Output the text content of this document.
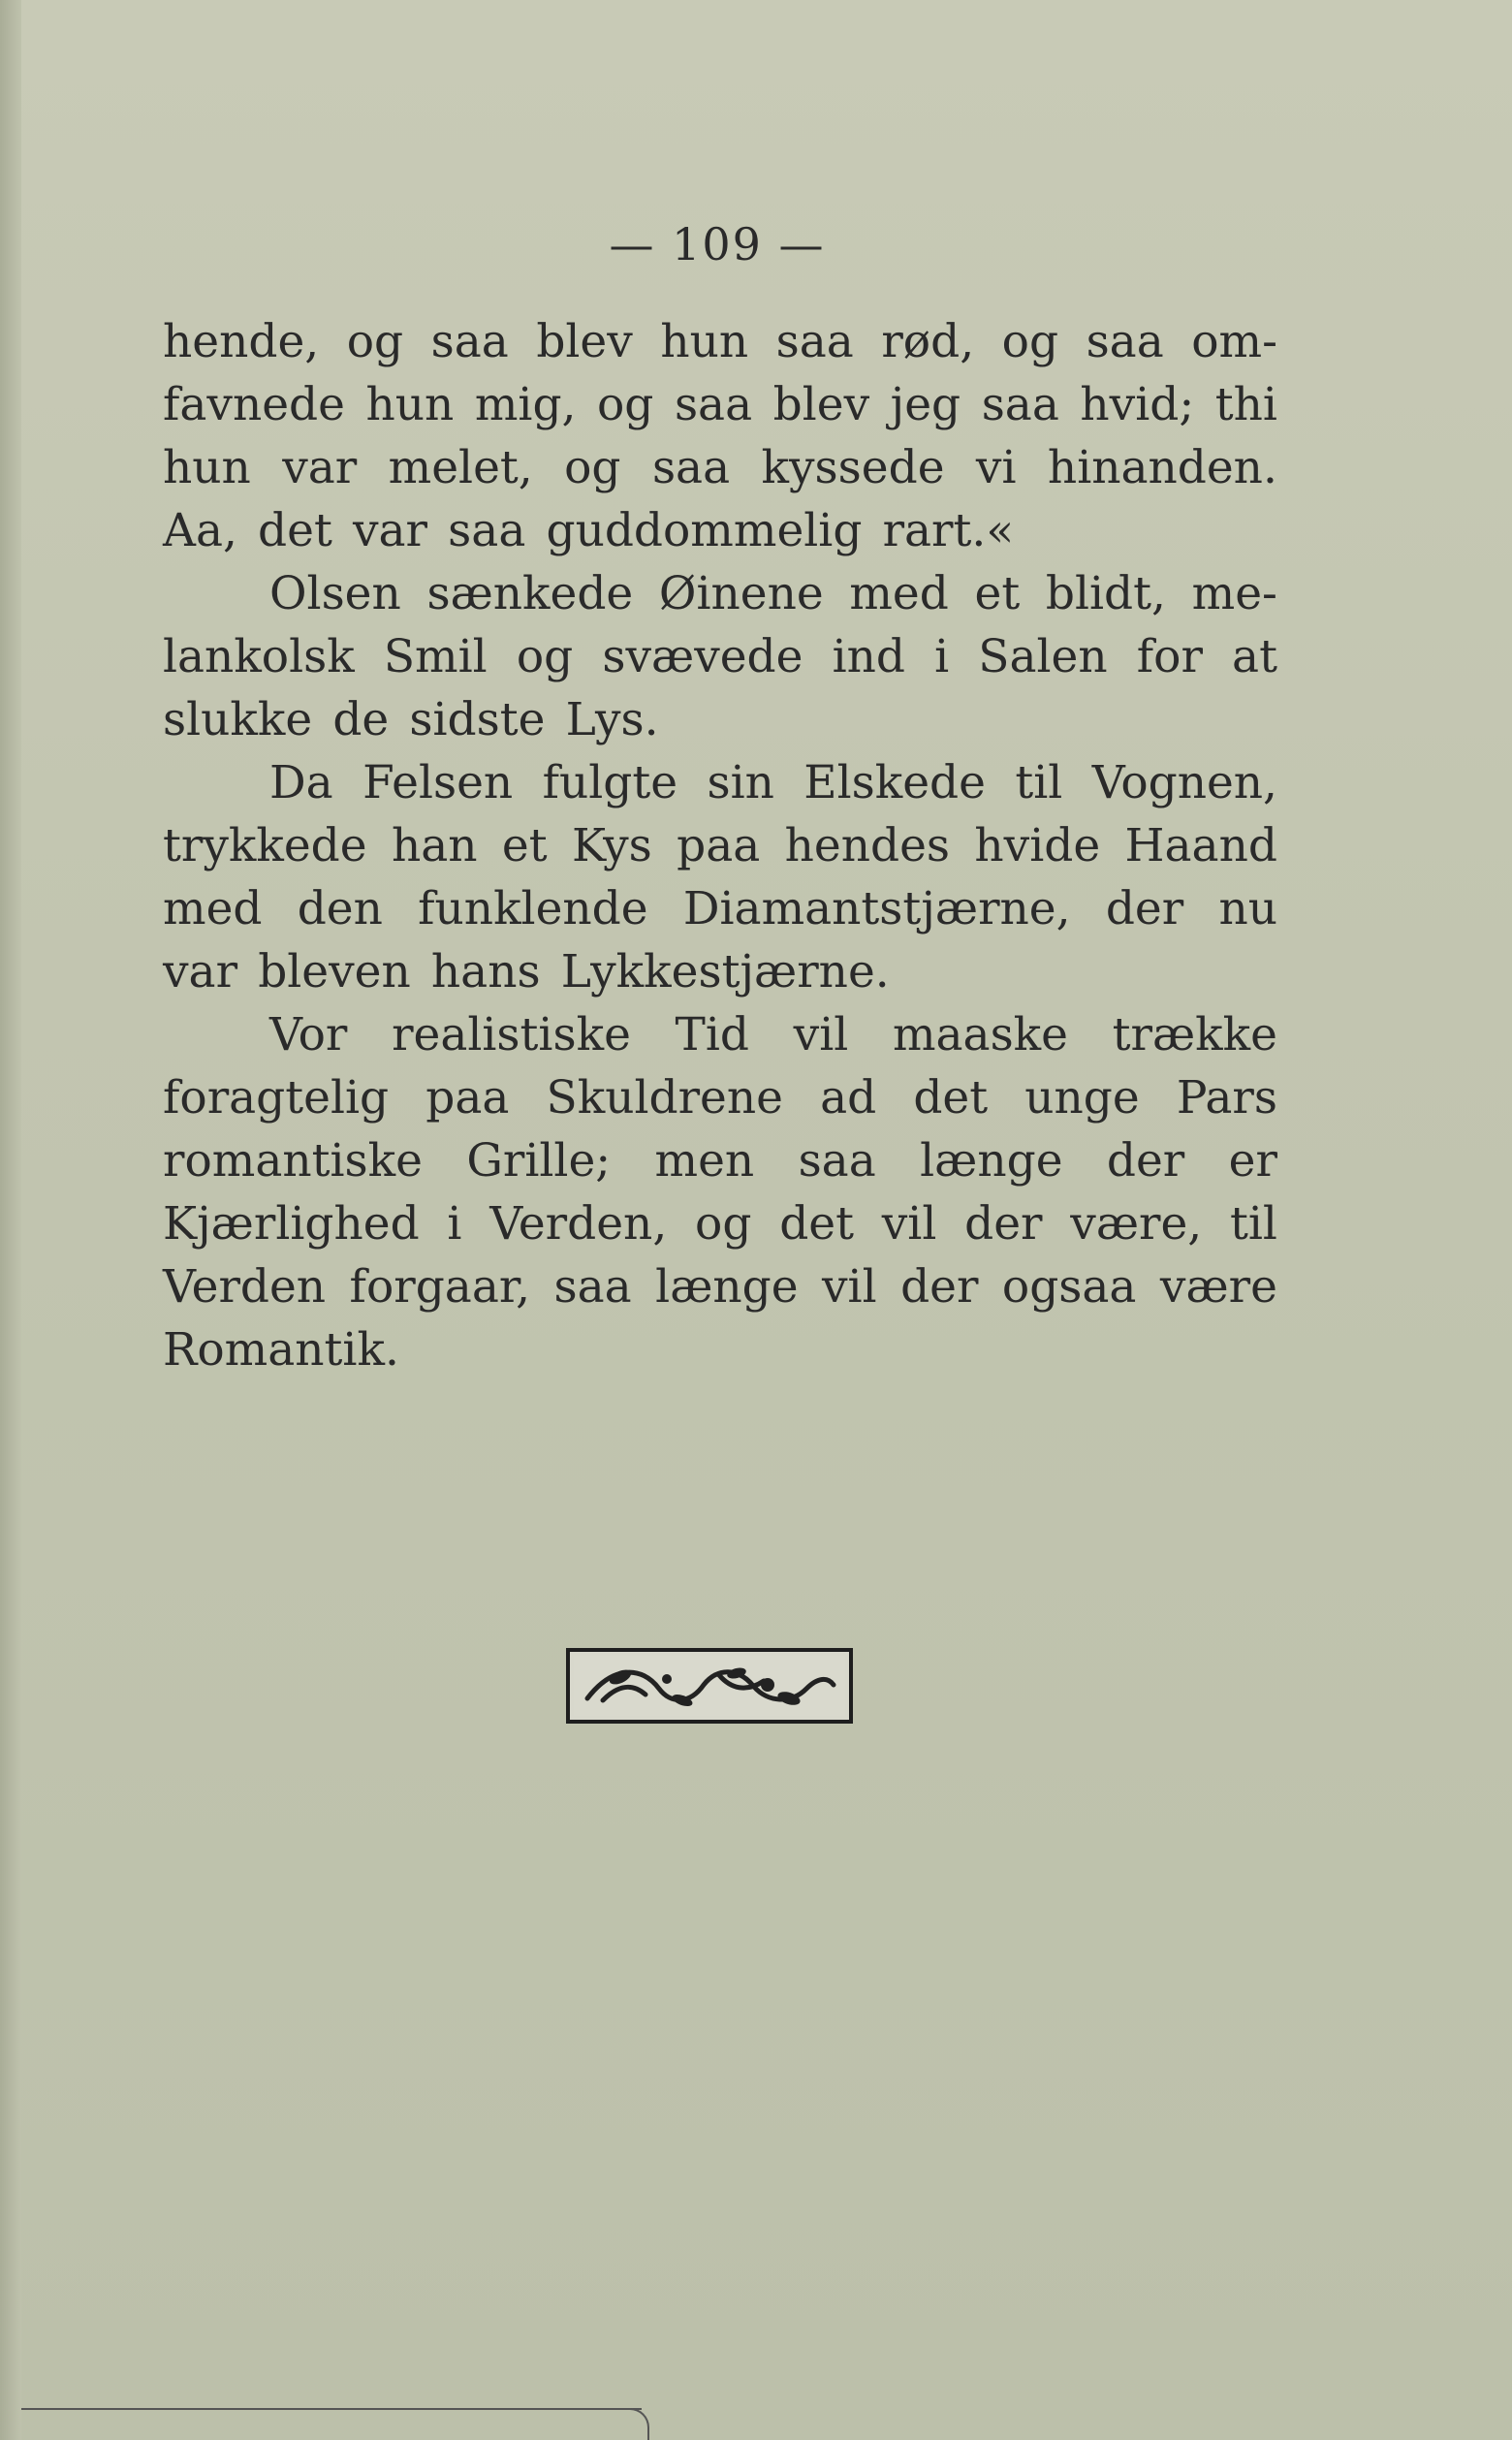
— 109 —
hende, og saa blev hun saa rød, og saa om-
favnede hun mig, og saa blev jeg saa hvid; thi
hun var melet, og saa kyssede vi hinanden.
Aa, det var saa guddommelig rart.«
Olsen sænkede Øinene med et blidt, me-
lankolsk Smil og svævede ind i Salen for at
slukke de sidste Lys.
Da Felsen fulgte sin Elskede til Vognen,
trykkede han et Kys paa hendes hvide Haand
med den funklende Diamantstjærne, der nu
var bleven hans Lykkestjærne.
Vor realistiske Tid vil maaske trække
foragtelig paa Skuldrene ad det unge Pars
romantiske Grille; men saa længe der er
Kjærlighed i Verden, og det vil der være, til
Verden forgaar, saa længe vil der ogsaa være
Romantik.
